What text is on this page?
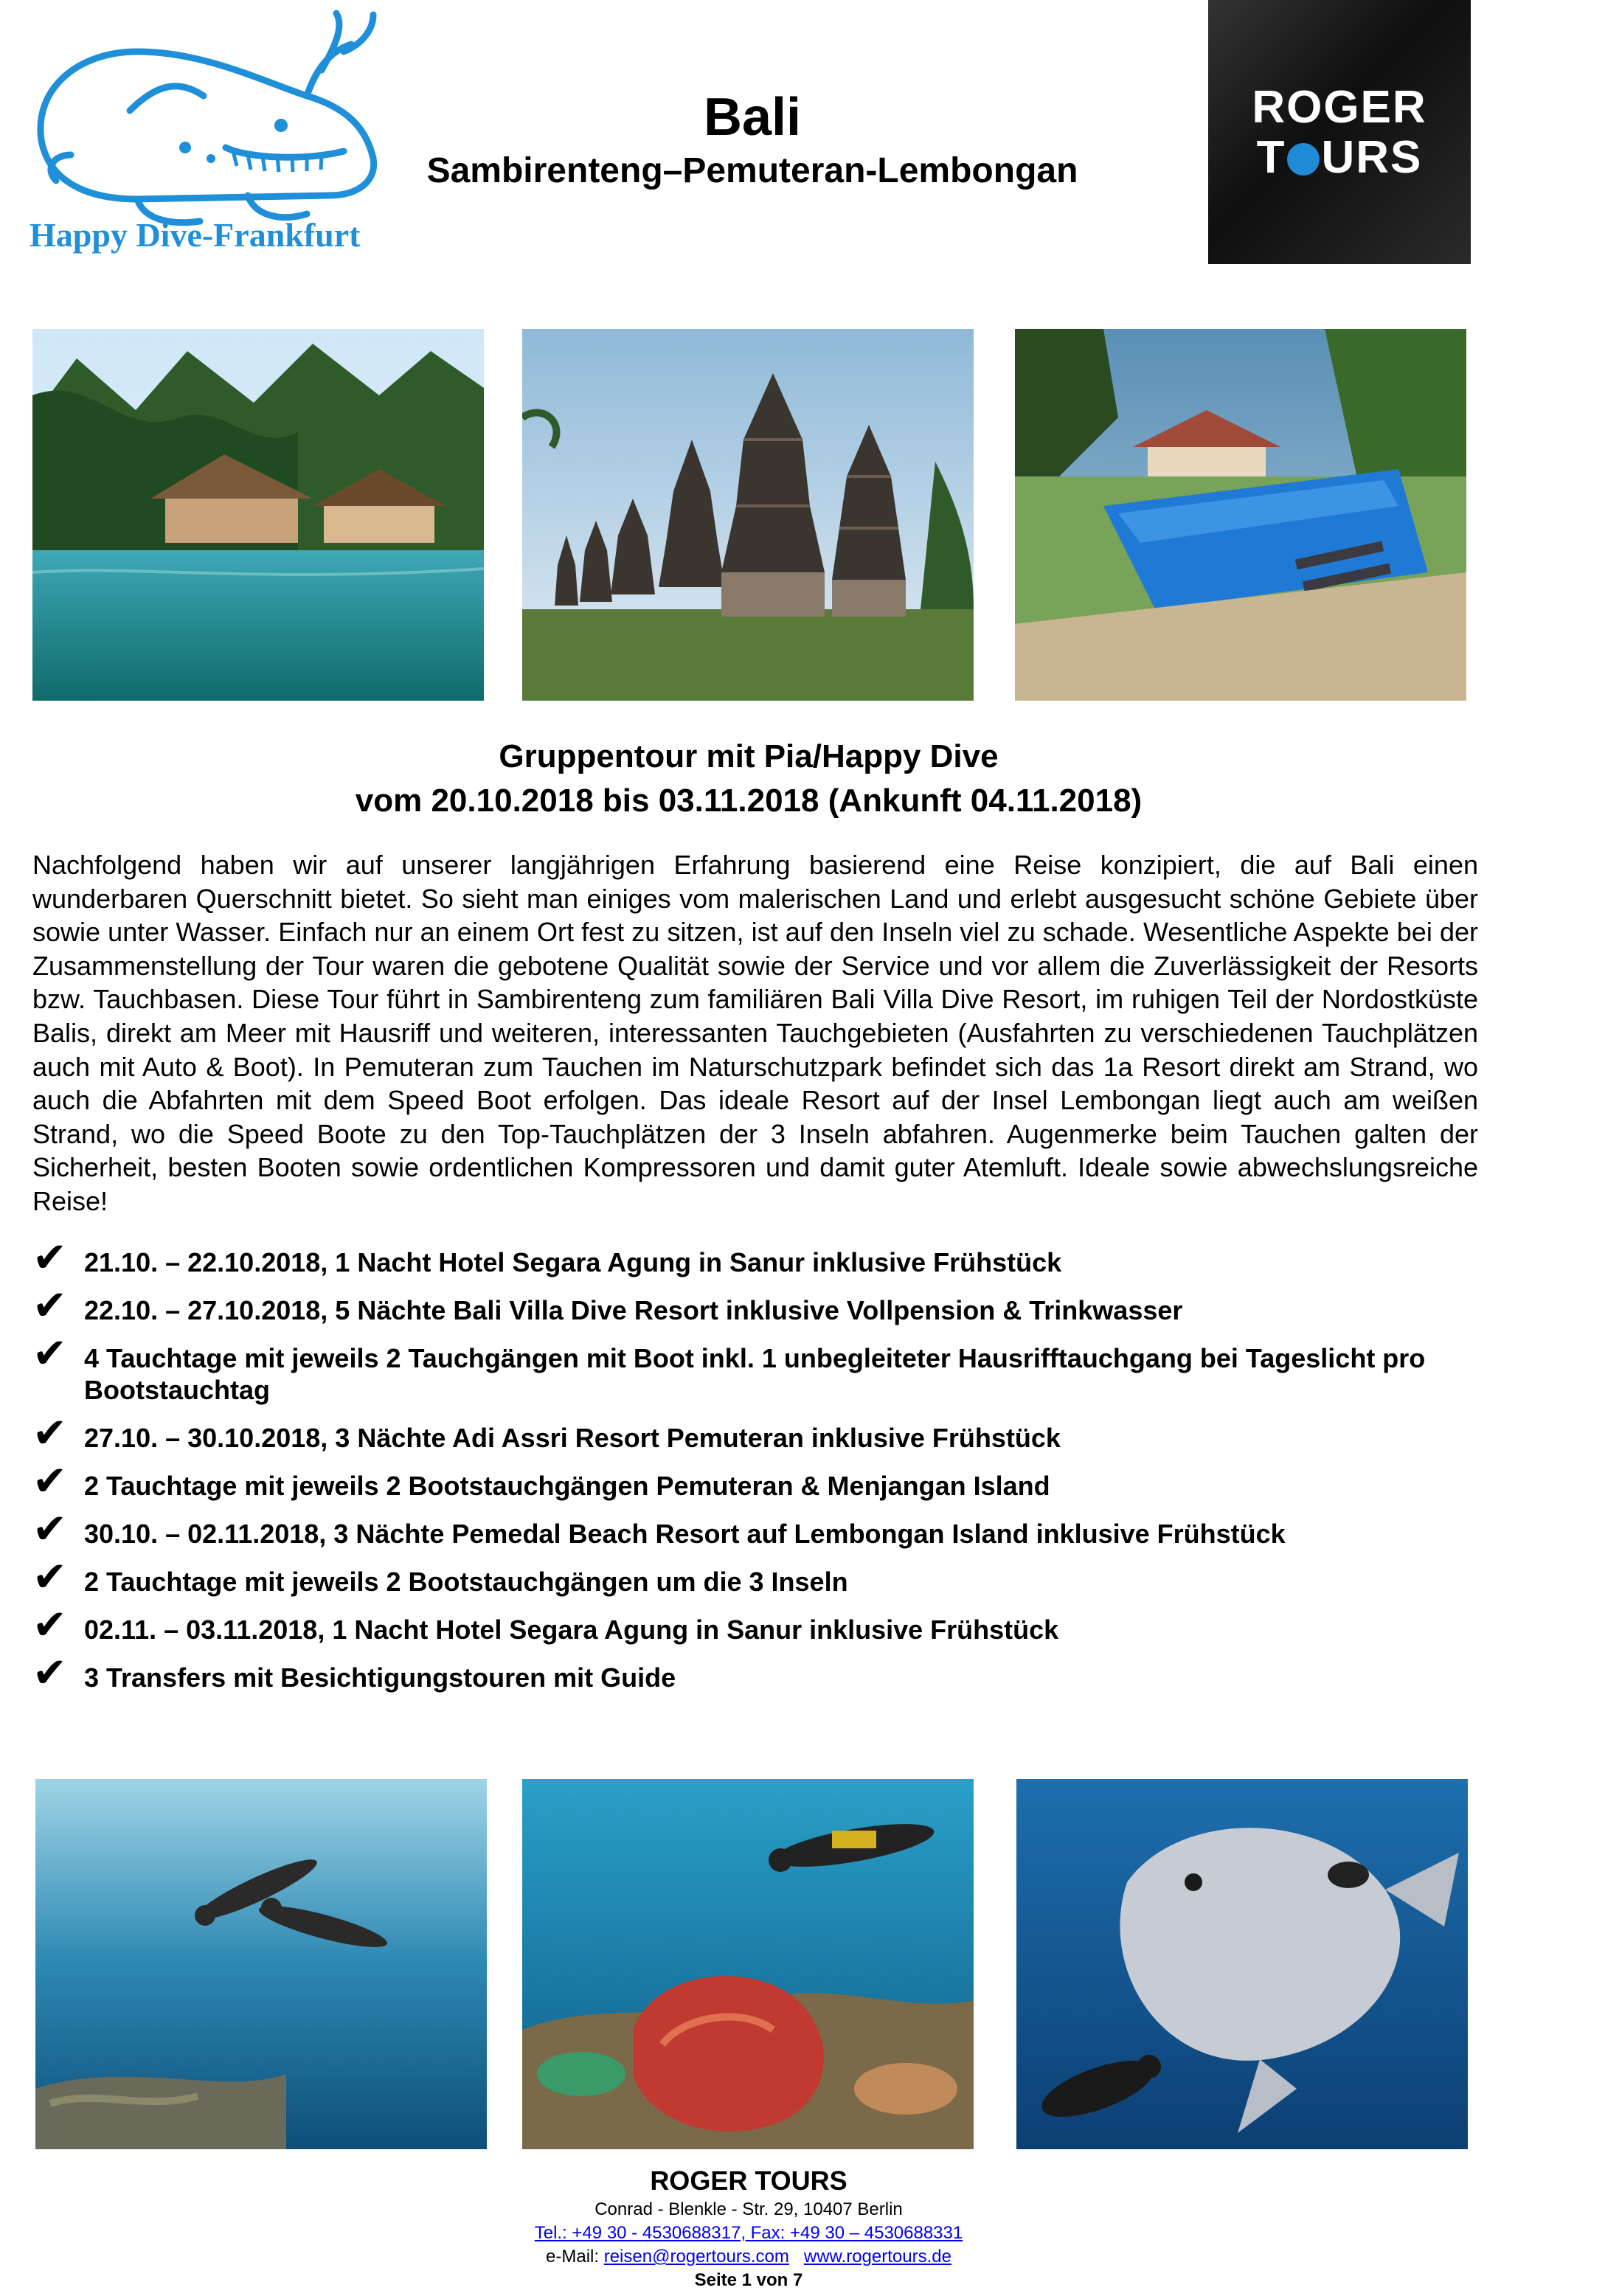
Happy Dive-Frankfurt
Bali
Sambirenteng–Pemuteran-Lembongan
ROGER
T URS
Gruppentour mit Pia/Happy Dive
vom 20.10.2018 bis 03.11.2018 (Ankunft 04.11.2018)
Nachfolgend haben wir auf unserer langjährigen Erfahrung basierend eine Reise konzipiert, die auf Bali einen wunderbaren Querschnitt bietet. So sieht man einiges vom malerischen Land und erlebt ausgesucht schöne Gebiete über sowie unter Wasser. Einfach nur an einem Ort fest zu sitzen, ist auf den Inseln viel zu schade. Wesentliche Aspekte bei der Zusammenstellung der Tour waren die gebotene Qualität sowie der Service und vor allem die Zuverlässigkeit der Resorts bzw. Tauchbasen. Diese Tour führt in Sambirenteng zum familiären Bali Villa Dive Resort, im ruhigen Teil der Nordostküste Balis, direkt am Meer mit Hausriff und weiteren, interessanten Tauchgebieten (Ausfahrten zu verschiedenen Tauchplätzen auch mit Auto & Boot). In Pemuteran zum Tauchen im Naturschutzpark befindet sich das 1a Resort direkt am Strand, wo auch die Abfahrten mit dem Speed Boot erfolgen. Das ideale Resort auf der Insel Lembongan liegt auch am weißen Strand, wo die Speed Boote zu den Top-Tauchplätzen der 3 Inseln abfahren. Augenmerke beim Tauchen galten der Sicherheit, besten Booten sowie ordentlichen Kompressoren und damit guter Atemluft. Ideale sowie abwechslungsreiche Reise!
✔ 21.10. – 22.10.2018, 1 Nacht Hotel Segara Agung in Sanur inklusive Frühstück
✔ 22.10. – 27.10.2018, 5 Nächte Bali Villa Dive Resort inklusive Vollpension & Trinkwasser
✔ 4 Tauchtage mit jeweils 2 Tauchgängen mit Boot inkl. 1 unbegleiteter Hausrifftauchgang bei Tageslicht pro Bootstauchtag
✔ 27.10. – 30.10.2018, 3 Nächte Adi Assri Resort Pemuteran inklusive Frühstück
✔ 2 Tauchtage mit jeweils 2 Bootstauchgängen Pemuteran & Menjangan Island
✔ 30.10. – 02.11.2018, 3 Nächte Pemedal Beach Resort auf Lembongan Island inklusive Frühstück
✔ 2 Tauchtage mit jeweils 2 Bootstauchgängen um die 3 Inseln
✔ 02.11. – 03.11.2018, 1 Nacht Hotel Segara Agung in Sanur inklusive Frühstück
✔ 3 Transfers mit Besichtigungstouren mit Guide
ROGER TOURS
Conrad - Blenkle - Str. 29, 10407 Berlin
Tel.: +49 30 - 4530688317, Fax: +49 30 – 4530688331
e-Mail: reisen@rogertours.com www.rogertours.de
Seite 1 von 7
